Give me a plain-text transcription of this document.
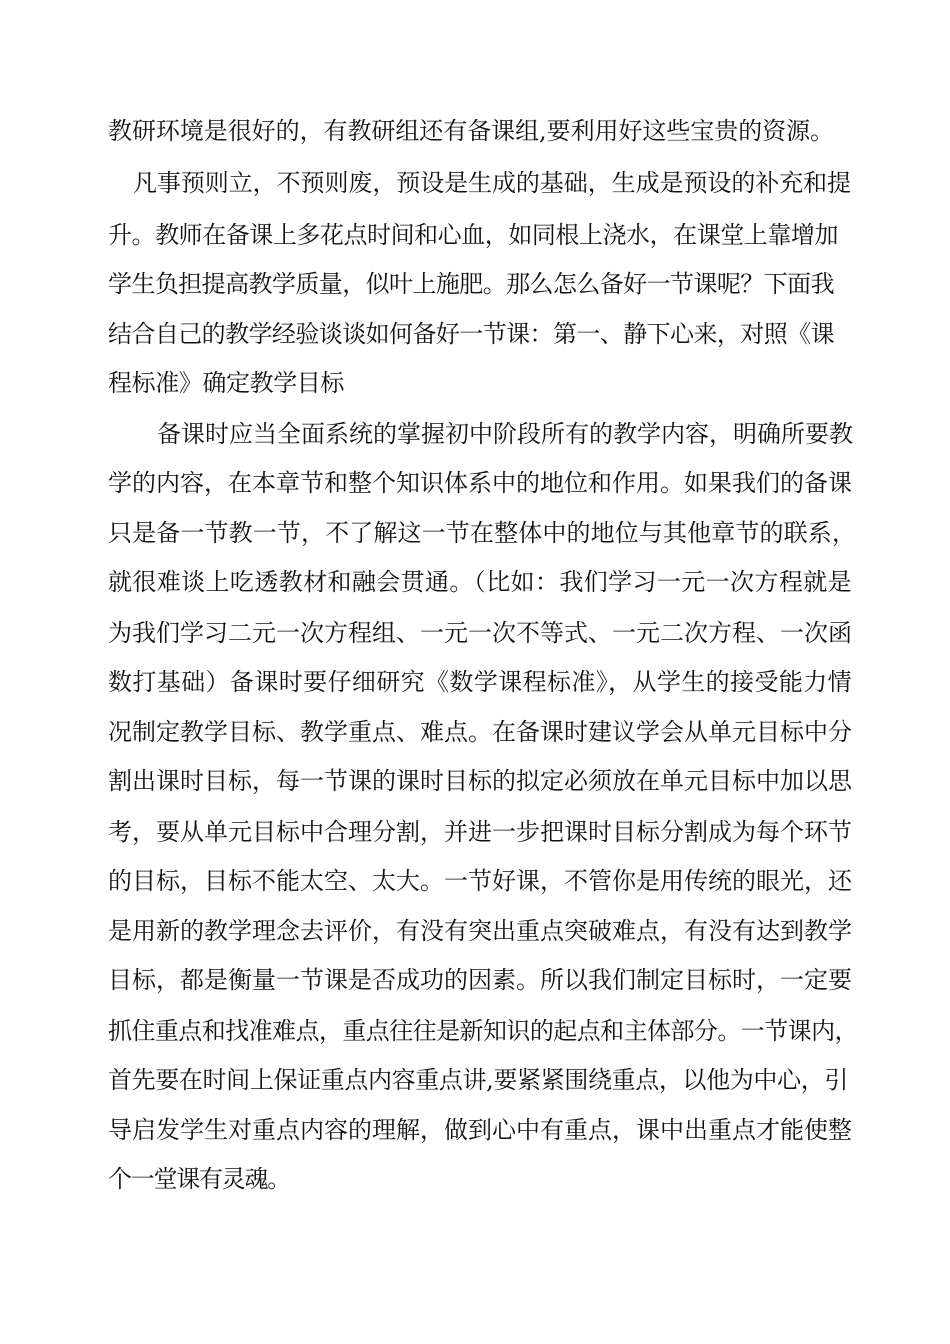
教研环境是很好的，有教研组还有备课组,要利用好这些宝贵的资源。
凡事预则立，不预则废，预设是生成的基础，生成是预设的补充和提
升。教师在备课上多花点时间和心血，如同根上浇水，在课堂上靠增加
学生负担提高教学质量，似叶上施肥。那么怎么备好一节课呢？下面我
结合自己的教学经验谈谈如何备好一节课：第一、静下心来，对照《课
程标准》确定教学目标
备课时应当全面系统的掌握初中阶段所有的教学内容，明确所要教
学的内容，在本章节和整个知识体系中的地位和作用。如果我们的备课
只是备一节教一节，不了解这一节在整体中的地位与其他章节的联系，
就很难谈上吃透教材和融会贯通。（比如：我们学习一元一次方程就是
为我们学习二元一次方程组、一元一次不等式、一元二次方程、一次函
数打基础）备课时要仔细研究《数学课程标准》，从学生的接受能力情
况制定教学目标、教学重点、难点。在备课时建议学会从单元目标中分
割出课时目标，每一节课的课时目标的拟定必须放在单元目标中加以思
考，要从单元目标中合理分割，并进一步把课时目标分割成为每个环节
的目标，目标不能太空、太大。一节好课，不管你是用传统的眼光，还
是用新的教学理念去评价，有没有突出重点突破难点，有没有达到教学
目标，都是衡量一节课是否成功的因素。所以我们制定目标时，一定要
抓住重点和找准难点，重点往往是新知识的起点和主体部分。一节课内，
首先要在时间上保证重点内容重点讲,要紧紧围绕重点，以他为中心，引
导启发学生对重点内容的理解，做到心中有重点，课中出重点才能使整
个一堂课有灵魂。
